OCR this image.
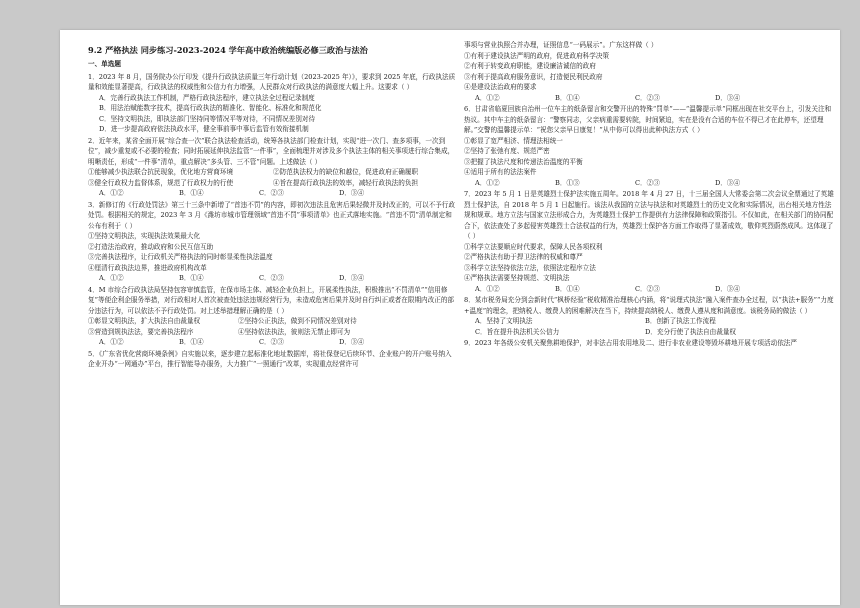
9.2 严格执法 同步练习-2023-2024 学年高中政治统编版必修三政治与法治
一、单选题

1．2023 年 8 月，国务院办公厅印发《提升行政执法质量三年行动计划（2023-2025 年）》，要求到 2025 年底，行政执法质量和效能显著提高，行政执法的权威性和公信力有力增强，人民群众对行政执法的满意度大幅上升。这要求（ ）

A．完善行政执法工作机制，严格行政执法程序，建立执法全过程记录制度

B．用法治赋能数字技术，提高行政执法的精准化、智能化、标准化和规范化

C．坚持文明执法，即执法部门坚持同等情况平等对待，不同情况差别对待

D．进一步提高政府依法执政水平，健全事前事中事后监管有效衔接机制

2．近年来，某省全面开展“综合查一次”联合执法检查活动，统筹各执法部门检查计划，实现“进一次门、查多项事，一次到位”，减少重复或不必要的检查；同时拓展延伸执法监管“一件事”，全面梳理并对涉及多个执法主体的相关事项进行综合集成，明晰责任，形成“一件事”清单，重点解决“多头管、三不管”问题。上述做法（ ）

①能够减少执法联合抗民现象，优化地方营商环境	②防范执法权力的缺位和越位，促进政府正确履职
③健全行政权力监督体系，规范了行政权力的行使	④旨在提高行政执法的效率，减轻行政执法的负担
A．①②	B．①④	C．②③	D．③④

3．新修订的《行政处罚法》第三十三条中新增了“首违不罚”的内容，即初次违法且危害后果轻微并及时改正的，可以不予行政处罚。根据相关的规定，2023 年 3 月《潍坊市城市管理领域“首违不罚”事项清单》也正式落地实施。“首违不罚”清单制定和公布有利于（ ）

①坚持文明执法，实现执法效果最大化

②打造法治政府，推动政府和公民互信互助

③完善执法程序，让行政机关严格执法的同时彰显柔性执法温度

④厘清行政执法边界，推进政府机构改革

A．①②	B．①④	C．②③	D．③④

4．M 市综合行政执法局坚持包容审慎监管，在保市场主体、减轻企业负担上，开展柔性执法，积极推出“不罚清单”“信用修复”等便企利企服务举措，对行政相对人首次被查处违法违规经营行为，未造成危害后果并及时自行纠正或者在限期内改正的部分违法行为，可以依法不予行政处罚。对上述举措理解正确的是（ ）

①彰显文明执法，扩大执法自由裁量权	②坚持公正执法，做到不同情况差别对待
③营造到规执法法，要完善执法程序	④坚持依法执法，彼则法无禁止即可为
A．①②	B．①④	C．②③	D．③④

5．《广东省优化营商环境条例》自实施以来，逐步建立起标准化地址数据库，将社保登记后续环节、企业账户的开户账号纳入企业开办“一网通办”平台，推行智能导办服务，大力推广“一照通行”改革，实现重点经营许可

事项与营业执照合并办理，证照信息“一码展示”。广东这样做（ ）

①有利于建设执法严明的政府，促进政府科学决策

②有利于转变政府职能，建设廉洁诚信的政府

③有利于提高政府服务意识，打造便民利民政府

④是建设法治政府的要求

A．①②	B．①④	C．②③	D．③④

6．甘肃省临夏回族自治州一位车主的纸条留言和交警开出的特殊“罚单”——“温馨提示单”同框出现在社交平台上，引发关注和热议。其中车主的纸条留言：“警察同志，父亲病重需要转院，时间紧迫，实在是没有合适的车位不得已才在此停车，还望理解。”交警的温馨提示单：“祝您父亲早日康复！”从中你可以得出此种执法方式（ ）

①彰显了宽严相济、情理法相统一

②坚持了张弛有度、规范严密

③把握了执法尺度和传递法治温度的平衡

④适用于所有的法法案件

A．①②	B．①③	C．②③	D．③④

7．2023 年 5 月 1 日是英雄烈士保护法实施五周年。2018 年 4 月 27 日，十三届全国人大常委会第二次会议全票通过了英雄烈士保护法，自 2018 年 5 月 1 日起施行。该法从我国的立法与执法和对英雄烈士的历史文化和实际情况，出台相关地方性法规和规章。地方立法与国家立法形成合力，为英雄烈士保护工作提供有力法律保障和政策指引。不仅如此，在相关部门的协同配合下，依法查处了多起侵害英雄烈士合法权益的行为，英雄烈士保护各方面工作取得了显著成效，敬仰英烈蔚然成风。这体现了（ ）

①科学立法要顺应时代要求，保障人民各项权利

②严格执法有助于捍卫法律的权威和尊严

③科学立法坚持依法立法，依照法定程序立法

④严格执法需要坚持规范、文明执法

A．①②	B．①④	C．②③	D．③④

8．某市税务局充分到会新时代“枫桥经验”税收精准治理核心内涵，将“说理式执法”融入案件查办全过程，以“执法+服务”“力度+温度”的理念，把纳税人、缴费人的困难解决在当下，持续提高纳税人、缴费人遵从度和满意度。该税务局的做法（ ）

A．坚持了文明执法	B．创新了执法工作流程
C．旨在提升执法机关公信力	D．充分行使了执法自由裁量权

9．2023 年各级公安机关聚焦耕地保护，对非法占用农用地及二、进行非农业建设等毁坏耕地开展专项活动依法严
